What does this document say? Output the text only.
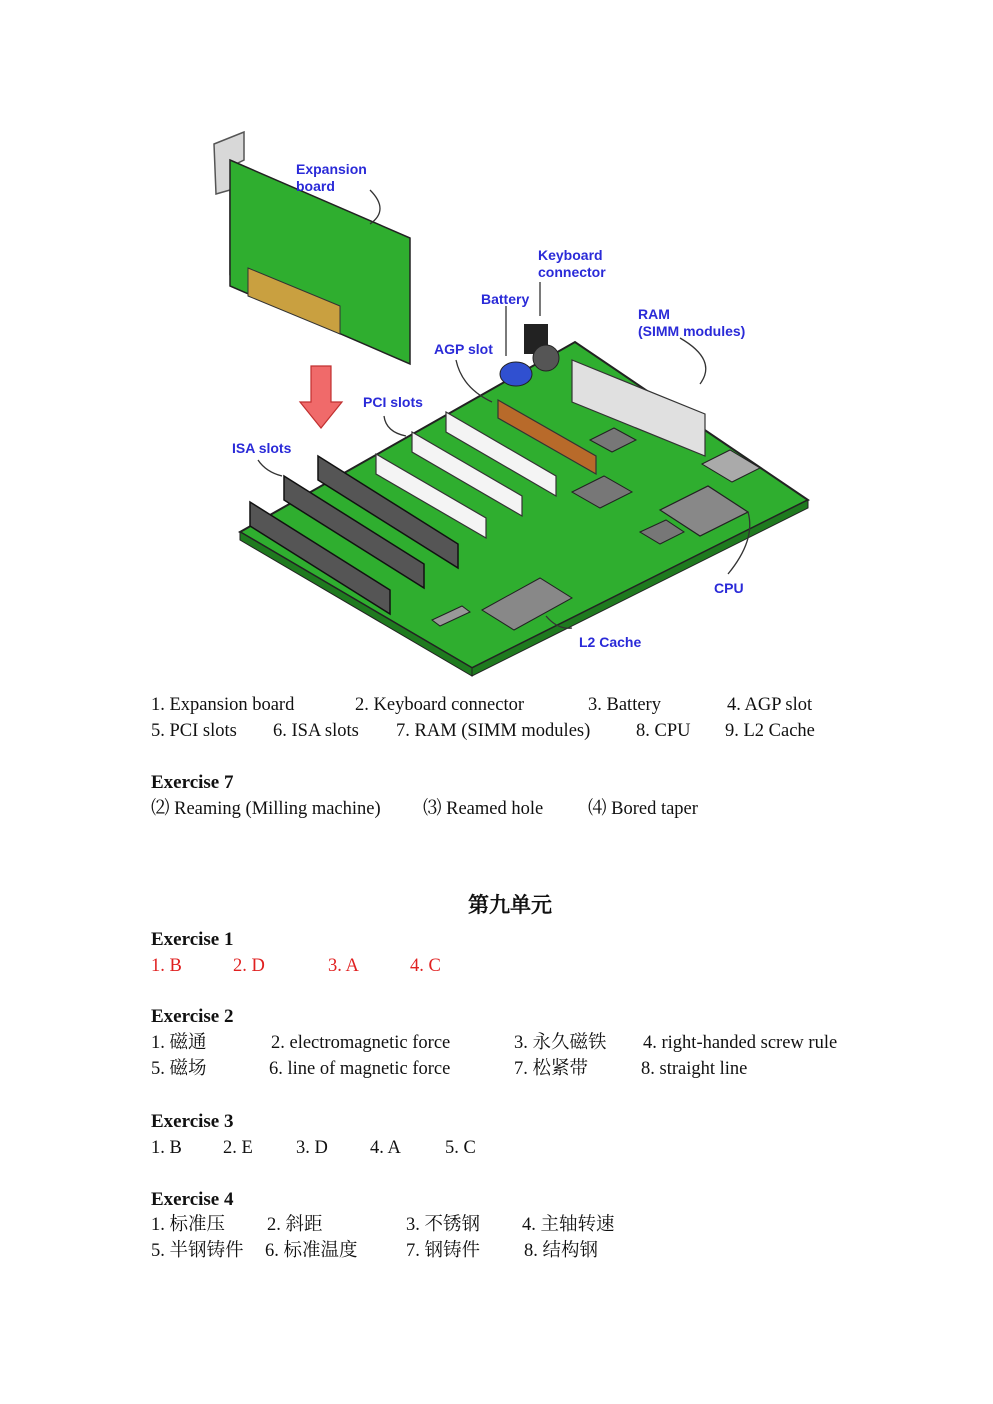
Expansion
board
Keyboard
connector
Battery
RAM
(SIMM modules)
AGP slot
PCI slots
ISA slots
CPU
L2 Cache
1. Expansion board	2. Keyboard connector	3. Battery	4. AGP slot
5. PCI slots 6. ISA slots 7. RAM (SIMM modules) 8. CPU 9. L2 Cache
Exercise 7
⑵ Reaming (Milling machine) ⑶ Reamed hole ⑷ Bored taper
第九单元
Exercise 1
1. B	2. D	3. A	4. C
Exercise 2
1. 磁通	2. electromagnetic force	3. 永久磁铁 4. right-handed screw rule
5. 磁场	6. line of magnetic force	7. 松紧带	8. straight line
Exercise 3
1. B 2. E 3. D 4. A 5. C
Exercise 4
1. 标准压 2. 斜距	3. 不锈钢 4. 主轴转速
5. 半钢铸件 6. 标准温度	7. 钢铸件 8. 结构钢
